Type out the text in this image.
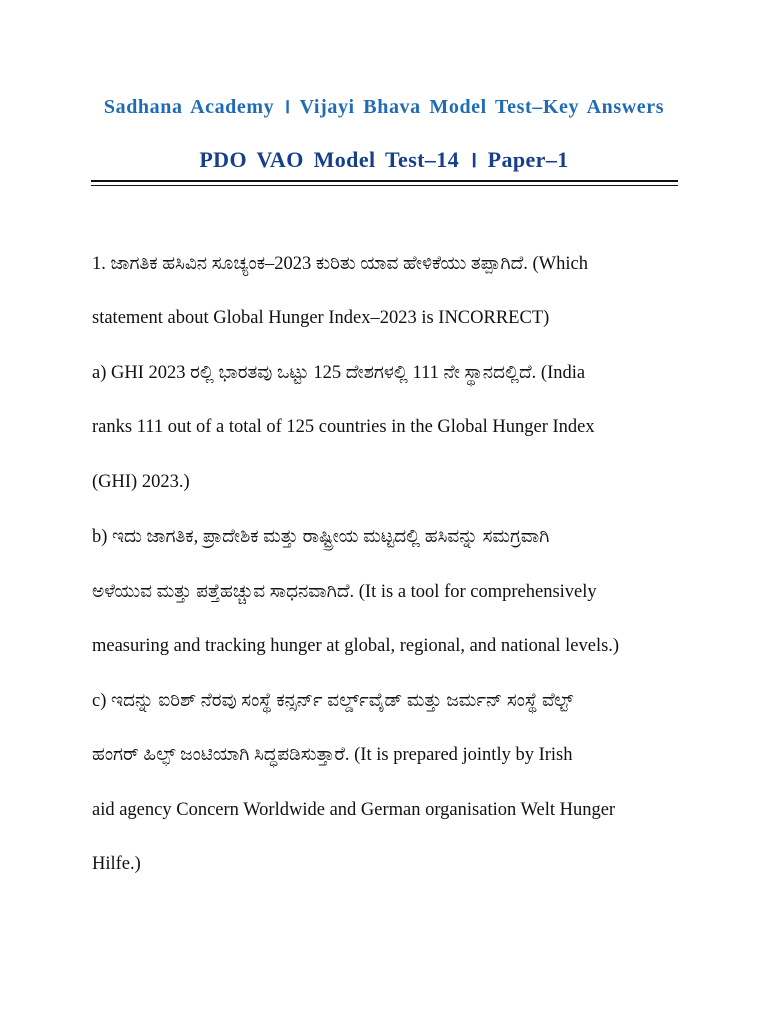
Sadhana Academy । Vijayi Bhava Model Test–Key Answers
PDO VAO Model Test–14 । Paper–1
1. ಜಾಗತಿಕ ಹಸಿವಿನ ಸೂಚ್ಯಂಕ–2023 ಕುರಿತು ಯಾವ ಹೇಳಿಕೆಯು ತಪ್ಪಾಗಿದೆ. (Which
statement about Global Hunger Index–2023 is INCORRECT)
a) GHI 2023 ರಲ್ಲಿ ಭಾರತವು ಒಟ್ಟು 125 ದೇಶಗಳಲ್ಲಿ 111 ನೇ ಸ್ಥಾನದಲ್ಲಿದೆ. (India
ranks 111 out of a total of 125 countries in the Global Hunger Index
(GHI) 2023.)
b) ಇದು ಜಾಗತಿಕ, ಪ್ರಾದೇಶಿಕ ಮತ್ತು ರಾಷ್ಟ್ರೀಯ ಮಟ್ಟದಲ್ಲಿ ಹಸಿವನ್ನು ಸಮಗ್ರವಾಗಿ
ಅಳೆಯುವ ಮತ್ತು ಪತ್ತೆಹಚ್ಚುವ ಸಾಧನವಾಗಿದೆ. (It is a tool for comprehensively
measuring and tracking hunger at global, regional, and national levels.)
c) ಇದನ್ನು ಐರಿಶ್ ನೆರವು ಸಂಸ್ಥೆ ಕನ್ಸರ್ನ್ ವರ್ಲ್ಡ್‌ವೈಡ್ ಮತ್ತು ಜರ್ಮನ್ ಸಂಸ್ಥೆ ವೆಲ್ಟ್
ಹಂಗರ್ ಹಿಲ್ಫ್ ಜಂಟಿಯಾಗಿ ಸಿದ್ಧಪಡಿಸುತ್ತಾರೆ. (It is prepared jointly by Irish
aid agency Concern Worldwide and German organisation Welt Hunger
Hilfe.)
